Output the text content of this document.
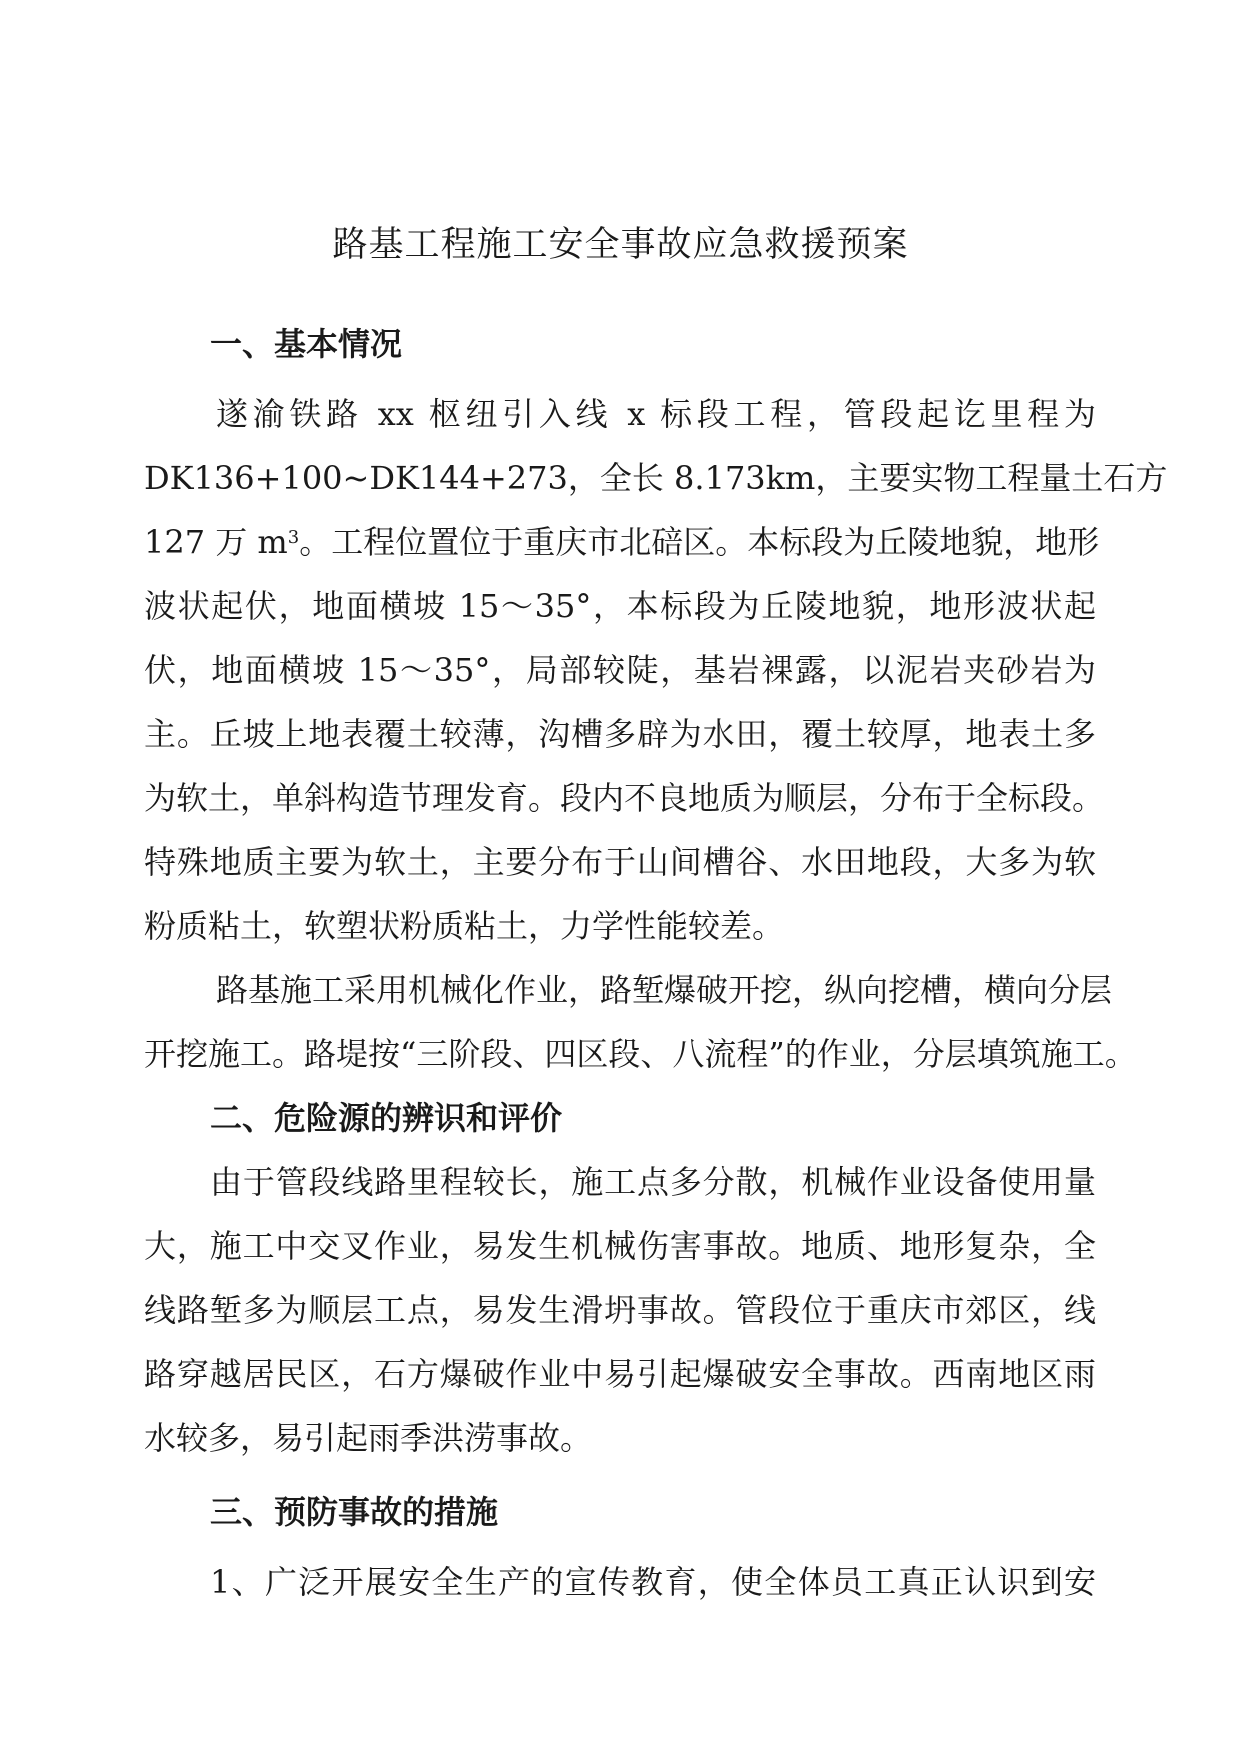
路基工程施工安全事故应急救援预案
一、基本情况
遂渝铁路 xx 枢纽引入线 x 标段工程，管段起讫里程为
DK136+100~DK144+273，全长 8.173km，主要实物工程量土石方
127 万 $m^3$。工程位置位于重庆市北碚区。本标段为丘陵地貌，地形
波状起伏，地面横坡 15～35°，本标段为丘陵地貌，地形波状起
伏，地面横坡 15～35°，局部较陡，基岩裸露，以泥岩夹砂岩为
主。丘坡上地表覆土较薄，沟槽多辟为水田，覆土较厚，地表土多
为软土，单斜构造节理发育。段内不良地质为顺层，分布于全标段。
特殊地质主要为软土，主要分布于山间槽谷、水田地段，大多为软
粉质粘土，软塑状粉质粘土，力学性能较差。
路基施工采用机械化作业，路堑爆破开挖，纵向挖槽，横向分层
开挖施工。路堤按“三阶段、四区段、八流程”的作业，分层填筑施工。
二、危险源的辨识和评价
由于管段线路里程较长，施工点多分散，机械作业设备使用量
大，施工中交叉作业，易发生机械伤害事故。地质、地形复杂，全
线路堑多为顺层工点，易发生滑坍事故。管段位于重庆市郊区，线
路穿越居民区，石方爆破作业中易引起爆破安全事故。西南地区雨
水较多，易引起雨季洪涝事故。
三、预防事故的措施
1、广泛开展安全生产的宣传教育，使全体员工真正认识到安
